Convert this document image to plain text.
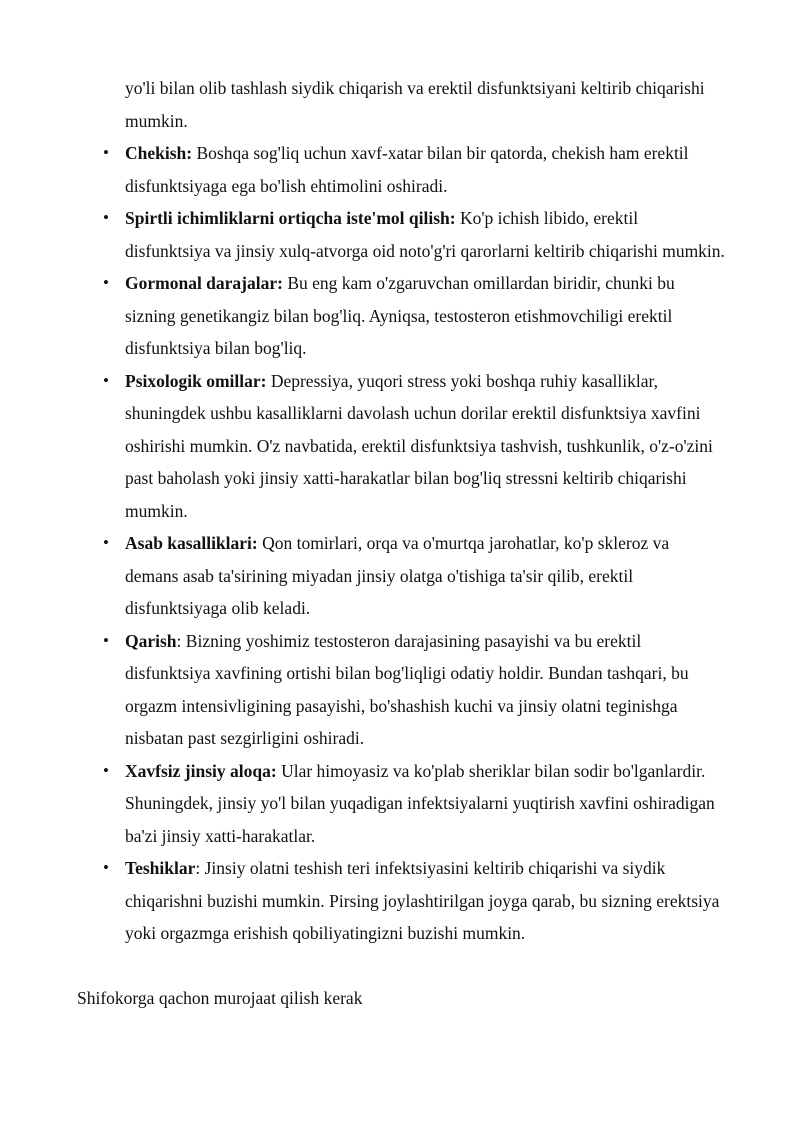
yo'li bilan olib tashlash siydik chiqarish va erektil disfunktsiyani keltirib chiqarishi mumkin.

• Chekish: Boshqa sog'liq uchun xavf-xatar bilan bir qatorda, chekish ham erektil disfunktsiyaga ega bo'lish ehtimolini oshiradi.
• Spirtli ichimliklarni ortiqcha iste'mol qilish: Ko'p ichish libido, erektil disfunktsiya va jinsiy xulq-atvorga oid noto'g'ri qarorlarni keltirib chiqarishi mumkin.
• Gormonal darajalar: Bu eng kam o'zgaruvchan omillardan biridir, chunki bu sizning genetikangiz bilan bog'liq. Ayniqsa, testosteron etishmovchiligi erektil disfunktsiya bilan bog'liq.
• Psixologik omillar: Depressiya, yuqori stress yoki boshqa ruhiy kasalliklar, shuningdek ushbu kasalliklarni davolash uchun dorilar erektil disfunktsiya xavfini oshirishi mumkin. O'z navbatida, erektil disfunktsiya tashvish, tushkunlik, o'z-o'zini past baholash yoki jinsiy xatti-harakatlar bilan bog'liq stressni keltirib chiqarishi mumkin.
• Asab kasalliklari: Qon tomirlari, orqa va o'murtqa jarohatlar, ko'p skleroz va demans asab ta'sirining miyadan jinsiy olatga o'tishiga ta'sir qilib, erektil disfunktsiyaga olib keladi.
• Qarish: Bizning yoshimiz testosteron darajasining pasayishi va bu erektil disfunktsiya xavfining ortishi bilan bog'liqligi odatiy holdir. Bundan tashqari, bu orgazm intensivligining pasayishi, bo'shashish kuchi va jinsiy olatni teginishga nisbatan past sezgirligini oshiradi.
• Xavfsiz jinsiy aloqa: Ular himoyasiz va ko'plab sheriklar bilan sodir bo'lganlardir. Shuningdek, jinsiy yo'l bilan yuqadigan infektsiyalarni yuqtirish xavfini oshiradigan ba'zi jinsiy xatti-harakatlar.
• Teshiklar: Jinsiy olatni teshish teri infektsiyasini keltirib chiqarishi va siydik chiqarishni buzishi mumkin. Pirsing joylashtirilgan joyga qarab, bu sizning erektsiya yoki orgazmga erishish qobiliyatingizni buzishi mumkin.

Shifokorga qachon murojaat qilish kerak
